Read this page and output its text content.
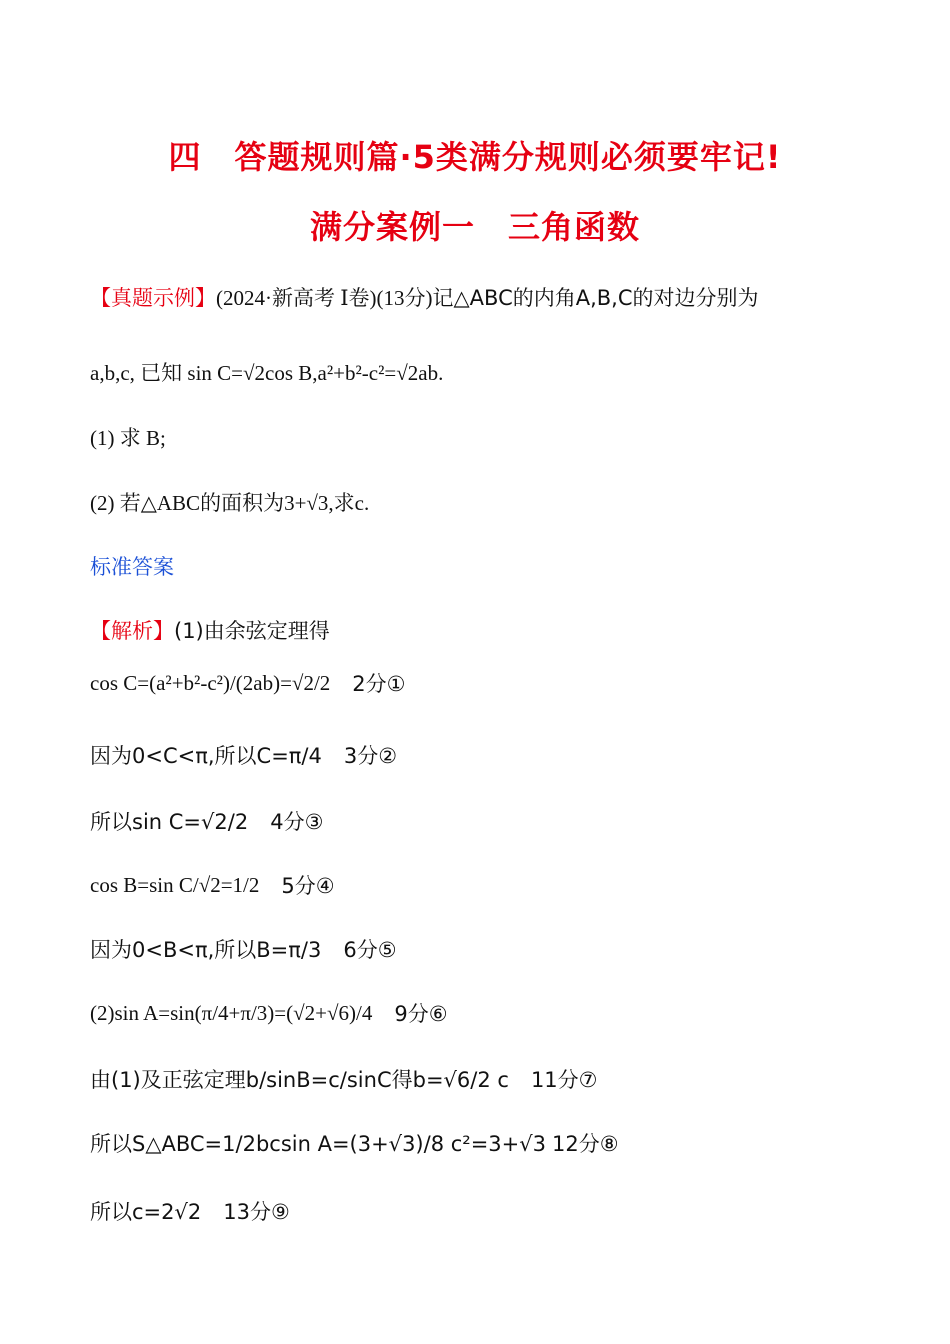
四　答题规则篇·5类满分规则必须要牢记!
满分案例一　三角函数
【真题示例】 (2024·新高考 Ⅰ卷)(13分) 记△ABC的内角A,B,C的对边分别为
a,b,c, 已知 sin C=√2cos B,a²+b²-c²=√2ab.
(1) 求 B;
(2) 若△ABC的面积为3+√3,求c.
标准答案
【解析】 (1)由余弦定理得
cos C=(a²+b²-c²)/(2ab)=√2/2 2分①
因为0<C<π,所以C=π/4 3分②
所以sin C=√2/2 4分③
cos B=sin C/√2=1/2 5分④
因为0<B<π,所以B=π/3 6分⑤
(2)sin A=sin(π/4+π/3)=(√2+√6)/4 9分⑥
由(1)及正弦定理b/sinB=c/sinC得b=√6/2 c 11分⑦
所以S△ABC=1/2bcsin A=(3+√3)/8 c²=3+√3 12分⑧
所以c=2√2 13分⑨
